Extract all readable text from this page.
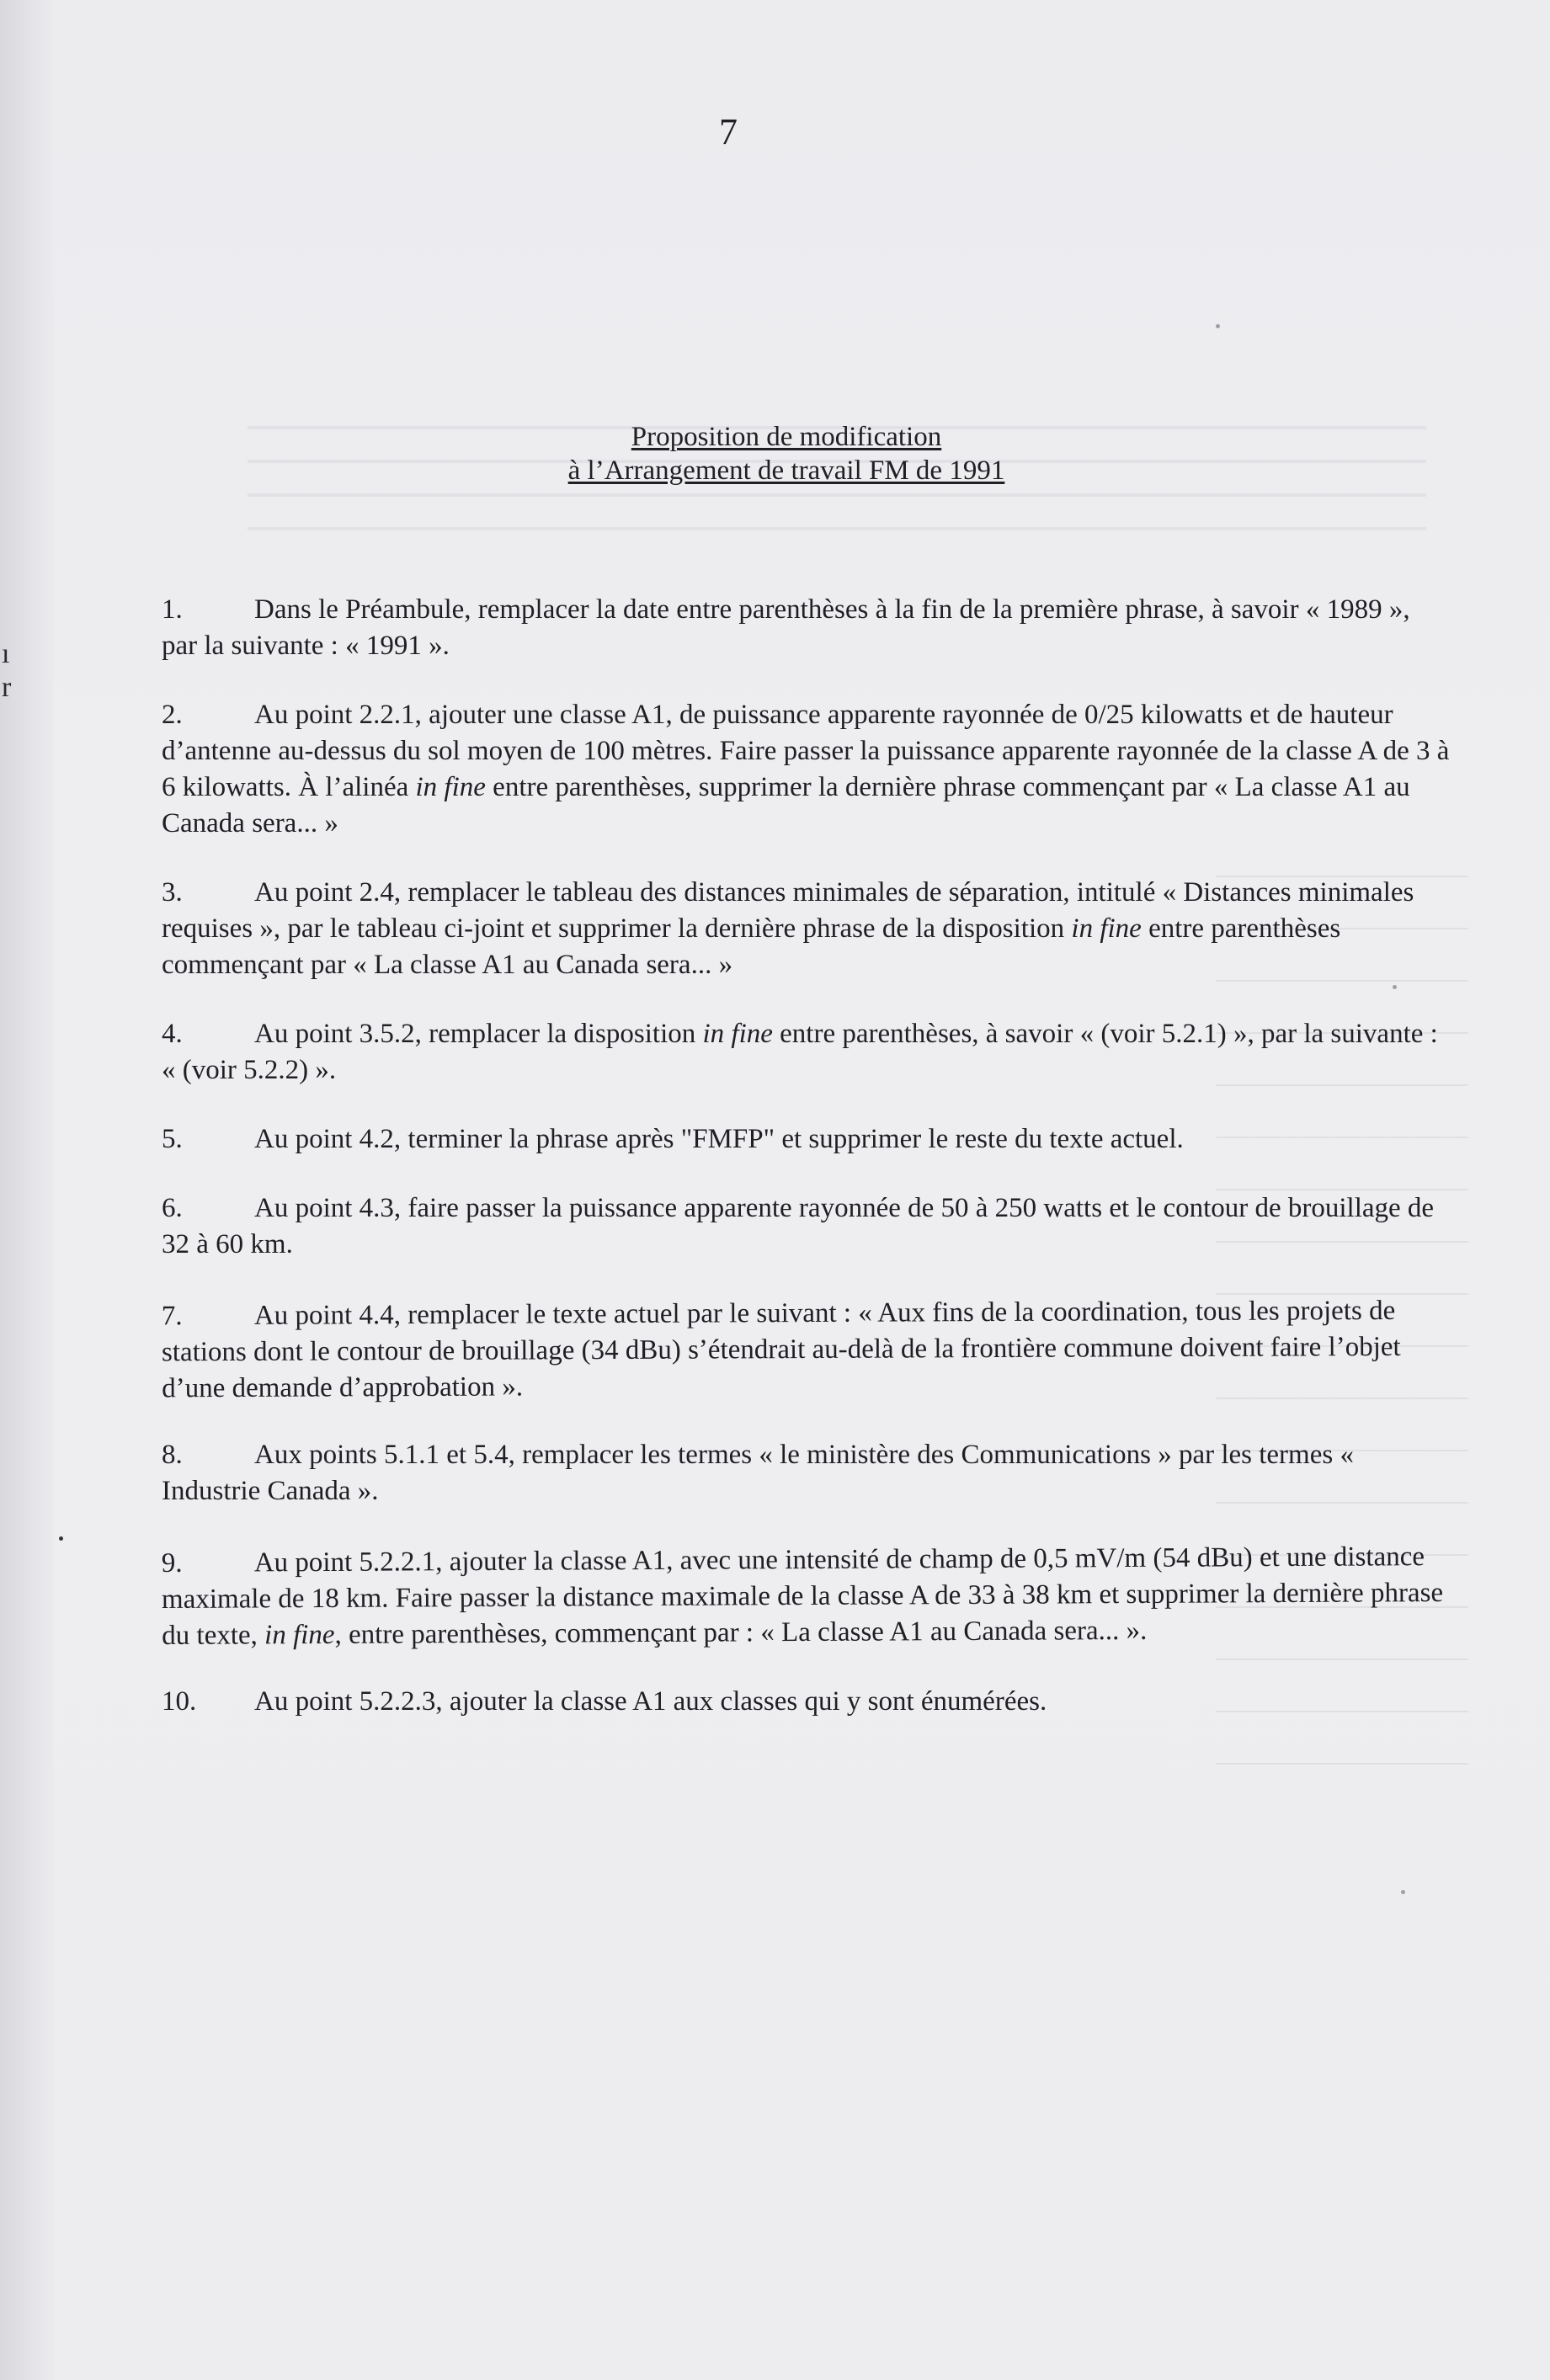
ı
r
7
Proposition de modification
à l’Arrangement de travail FM de 1991

1.	Dans le Préambule, remplacer la date entre parenthèses à la fin de la première phrase, à savoir « 1989 », par la suivante : « 1991 ».

2.	Au point 2.2.1, ajouter une classe A1, de puissance apparente rayonnée de 0/25 kilowatts et de hauteur d’antenne au-dessus du sol moyen de 100 mètres. Faire passer la puissance apparente rayonnée de la classe A de 3 à 6 kilowatts. À l’alinéa in fine entre parenthèses, supprimer la dernière phrase commençant par « La classe A1 au Canada sera... »

3.	Au point 2.4, remplacer le tableau des distances minimales de séparation, intitulé « Distances minimales requises », par le tableau ci-joint et supprimer la dernière phrase de la disposition in fine entre parenthèses commençant par « La classe A1 au Canada sera... »

4.	Au point 3.5.2, remplacer la disposition in fine entre parenthèses, à savoir « (voir 5.2.1) », par la suivante : « (voir 5.2.2) ».

5.	Au point 4.2, terminer la phrase après "FMFP" et supprimer le reste du texte actuel.

6.	Au point 4.3, faire passer la puissance apparente rayonnée de 50 à 250 watts et le contour de brouillage de 32 à 60 km.

7.	Au point 4.4, remplacer le texte actuel par le suivant : « Aux fins de la coordination, tous les projets de stations dont le contour de brouillage (34 dBu) s’étendrait au-delà de la frontière commune doivent faire l’objet d’une demande d’approbation ».

8.	Aux points 5.1.1 et 5.4, remplacer les termes « le ministère des Communications » par les termes « Industrie Canada ».

9.	Au point 5.2.2.1, ajouter la classe A1, avec une intensité de champ de 0,5 mV/m (54 dBu) et une distance maximale de 18 km. Faire passer la distance maximale de la classe A de 33 à 38 km et supprimer la dernière phrase du texte, in fine, entre parenthèses, commençant par : « La classe A1 au Canada sera... ».

10. Au point 5.2.2.3, ajouter la classe A1 aux classes qui y sont énumérées.
